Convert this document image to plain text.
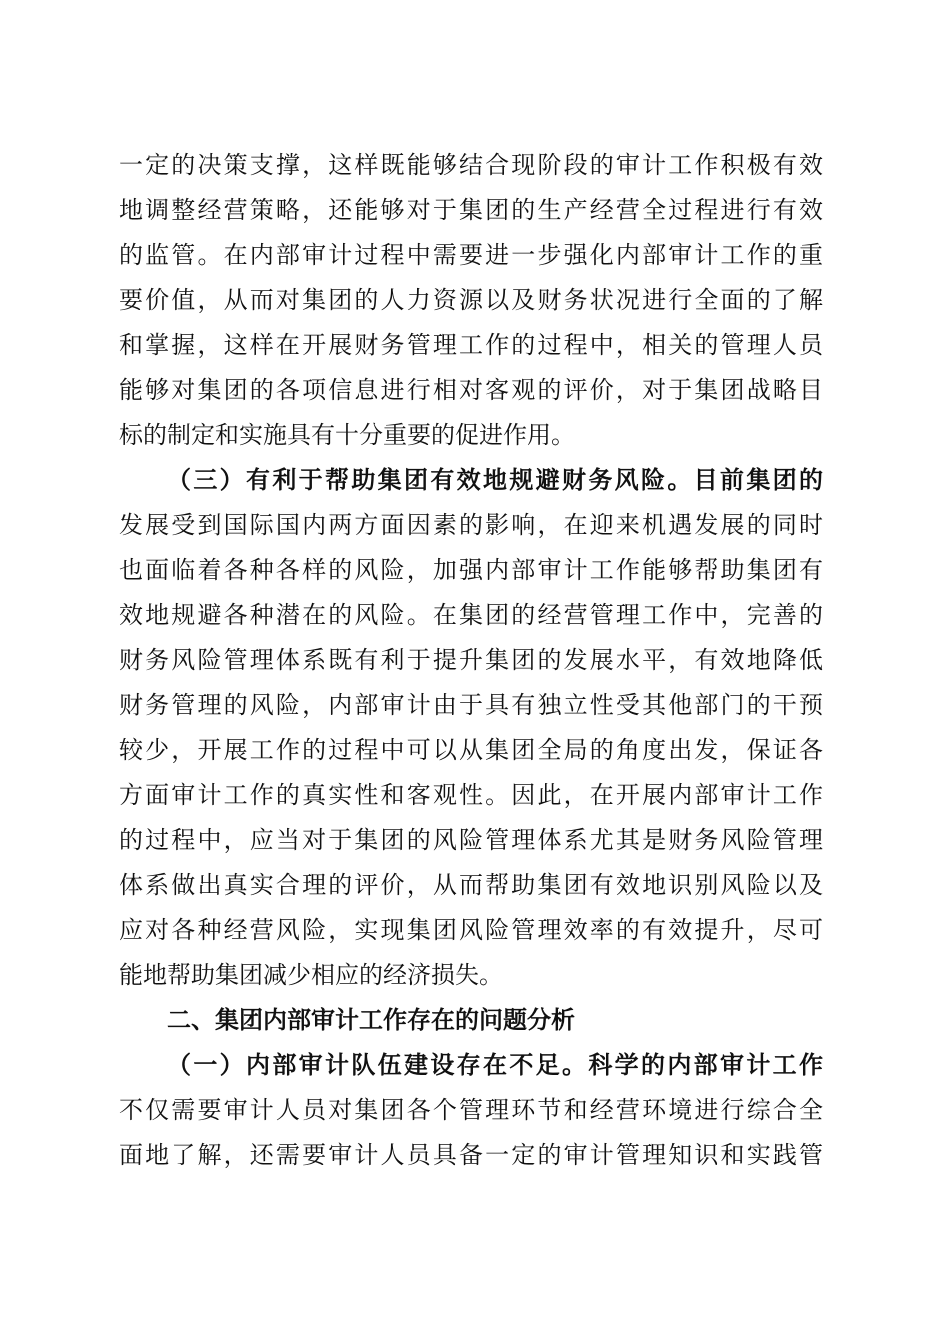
一定的决策支撑，这样既能够结合现阶段的审计工作积极有效
地调整经营策略，还能够对于集团的生产经营全过程进行有效
的监管。在内部审计过程中需要进一步强化内部审计工作的重
要价值，从而对集团的人力资源以及财务状况进行全面的了解
和掌握，这样在开展财务管理工作的过程中，相关的管理人员
能够对集团的各项信息进行相对客观的评价，对于集团战略目
标的制定和实施具有十分重要的促进作用。
（三）有利于帮助集团有效地规避财务风险。目前集团的
发展受到国际国内两方面因素的影响，在迎来机遇发展的同时
也面临着各种各样的风险，加强内部审计工作能够帮助集团有
效地规避各种潜在的风险。在集团的经营管理工作中，完善的
财务风险管理体系既有利于提升集团的发展水平，有效地降低
财务管理的风险，内部审计由于具有独立性受其他部门的干预
较少，开展工作的过程中可以从集团全局的角度出发，保证各
方面审计工作的真实性和客观性。因此，在开展内部审计工作
的过程中，应当对于集团的风险管理体系尤其是财务风险管理
体系做出真实合理的评价，从而帮助集团有效地识别风险以及
应对各种经营风险，实现集团风险管理效率的有效提升，尽可
能地帮助集团减少相应的经济损失。
二、集团内部审计工作存在的问题分析
（一）内部审计队伍建设存在不足。科学的内部审计工作
不仅需要审计人员对集团各个管理环节和经营环境进行综合全
面地了解，还需要审计人员具备一定的审计管理知识和实践管
